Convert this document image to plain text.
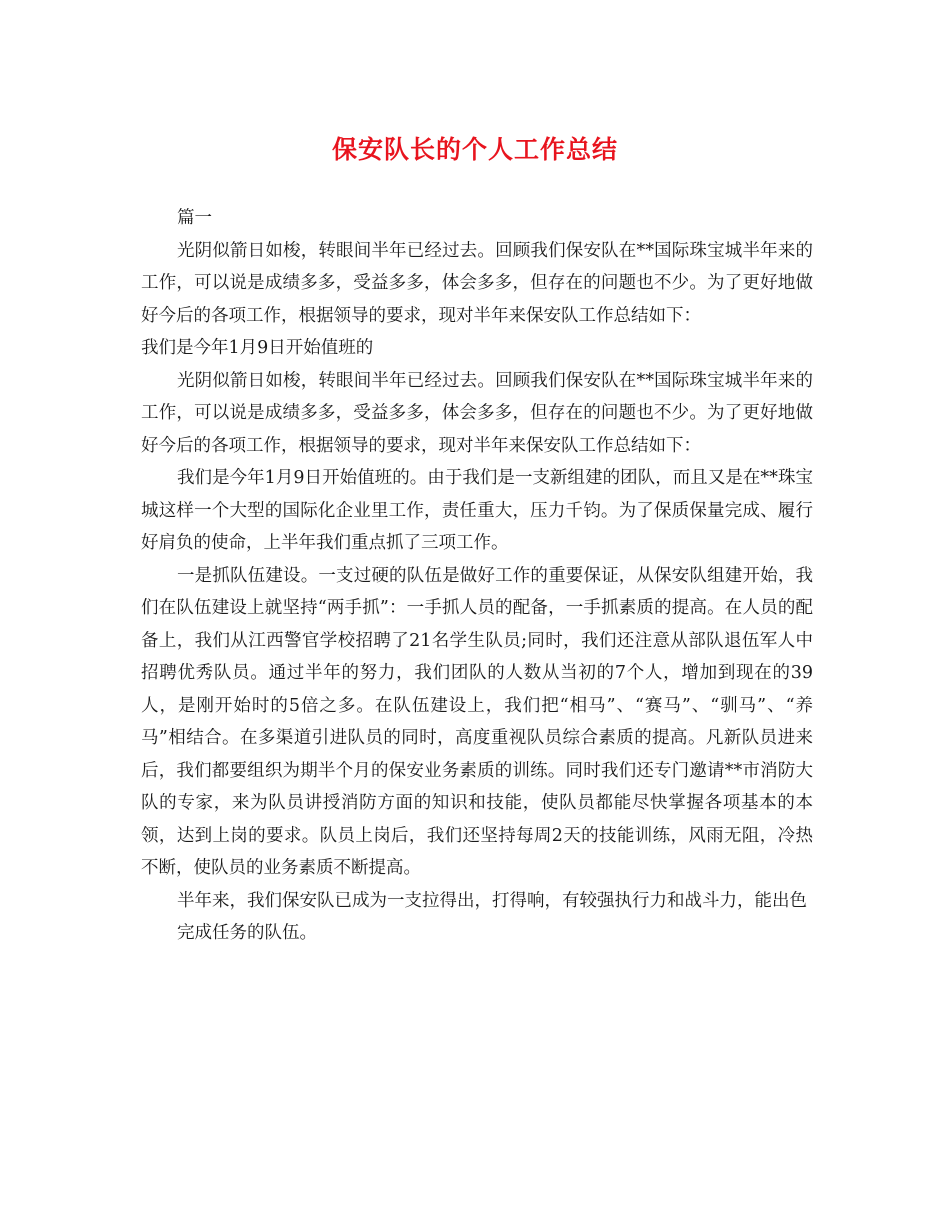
保安队长的个人工作总结

篇一

光阴似箭日如梭，转眼间半年已经过去。回顾我们保安队在**国际珠宝城半年来的工作，可以说是成绩多多，受益多多，体会多多，但存在的问题也不少。为了更好地做好今后的各项工作，根据领导的要求，现对半年来保安队工作总结如下：

我们是今年1月9日开始值班的

光阴似箭日如梭，转眼间半年已经过去。回顾我们保安队在**国际珠宝城半年来的工作，可以说是成绩多多，受益多多，体会多多，但存在的问题也不少。为了更好地做好今后的各项工作，根据领导的要求，现对半年来保安队工作总结如下：

我们是今年1月9日开始值班的。由于我们是一支新组建的团队，而且又是在**珠宝城这样一个大型的国际化企业里工作，责任重大，压力千钧。为了保质保量完成、履行好肩负的使命，上半年我们重点抓了三项工作。

一是抓队伍建设。一支过硬的队伍是做好工作的重要保证，从保安队组建开始，我们在队伍建设上就坚持“两手抓”：一手抓人员的配备，一手抓素质的提高。在人员的配备上，我们从江西警官学校招聘了21名学生队员;同时，我们还注意从部队退伍军人中招聘优秀队员。通过半年的努力，我们团队的人数从当初的7个人，增加到现在的39人，是刚开始时的5倍之多。在队伍建设上，我们把“相马”、“赛马”、“驯马”、“养马”相结合。在多渠道引进队员的同时，高度重视队员综合素质的提高。凡新队员进来后，我们都要组织为期半个月的保安业务素质的训练。同时我们还专门邀请**市消防大队的专家，来为队员讲授消防方面的知识和技能，使队员都能尽快掌握各项基本的本领，达到上岗的要求。队员上岗后，我们还坚持每周2天的技能训练，风雨无阻，冷热不断，使队员的业务素质不断提高。

半年来，我们保安队已成为一支拉得出，打得响，有较强执行力和战斗力，能出色

完成任务的队伍。
